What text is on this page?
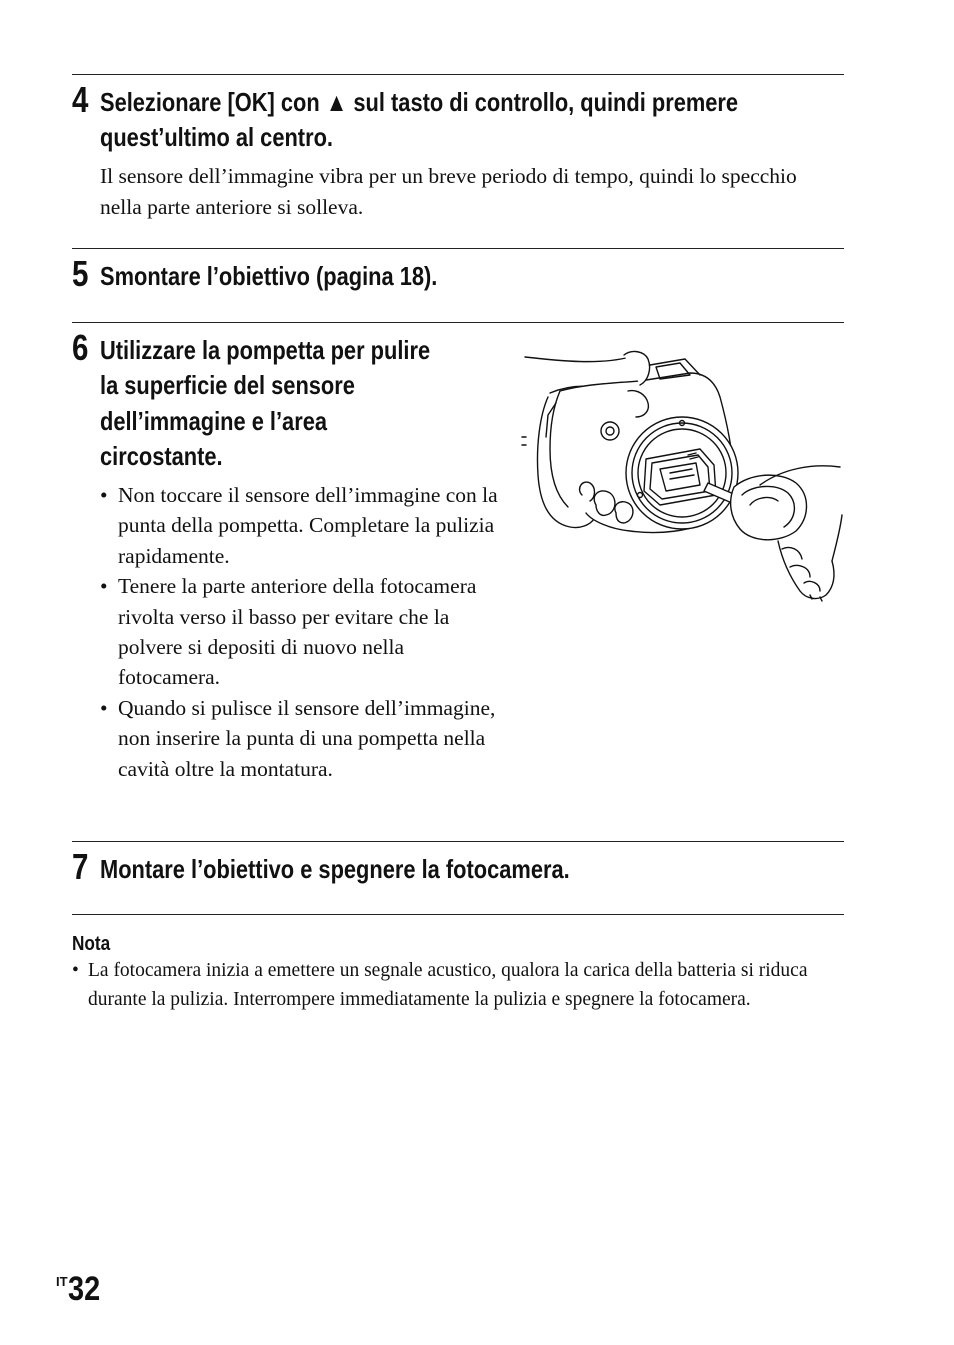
4 Selezionare [OK] con ▲ sul tasto di controllo, quindi premere
quest’ultimo al centro.
Il sensore dell’immagine vibra per un breve periodo di tempo, quindi lo specchio nella parte anteriore si solleva.
5 Smontare l’obiettivo (pagina 18).
6 Utilizzare la pompetta per pulire
la superficie del sensore
dell’immagine e l’area
circostante.
• Non toccare il sensore dell’immagine con la punta della pompetta. Completare la pulizia rapidamente.
• Tenere la parte anteriore della fotocamera rivolta verso il basso per evitare che la polvere si depositi di nuovo nella fotocamera.
• Quando si pulisce il sensore dell’immagine, non inserire la punta di una pompetta nella cavità oltre la montatura.
7 Montare l’obiettivo e spegnere la fotocamera.
Nota
• La fotocamera inizia a emettere un segnale acustico, qualora la carica della batteria si riduca durante la pulizia. Interrompere immediatamente la pulizia e spegnere la fotocamera.
$^{IT}$32
